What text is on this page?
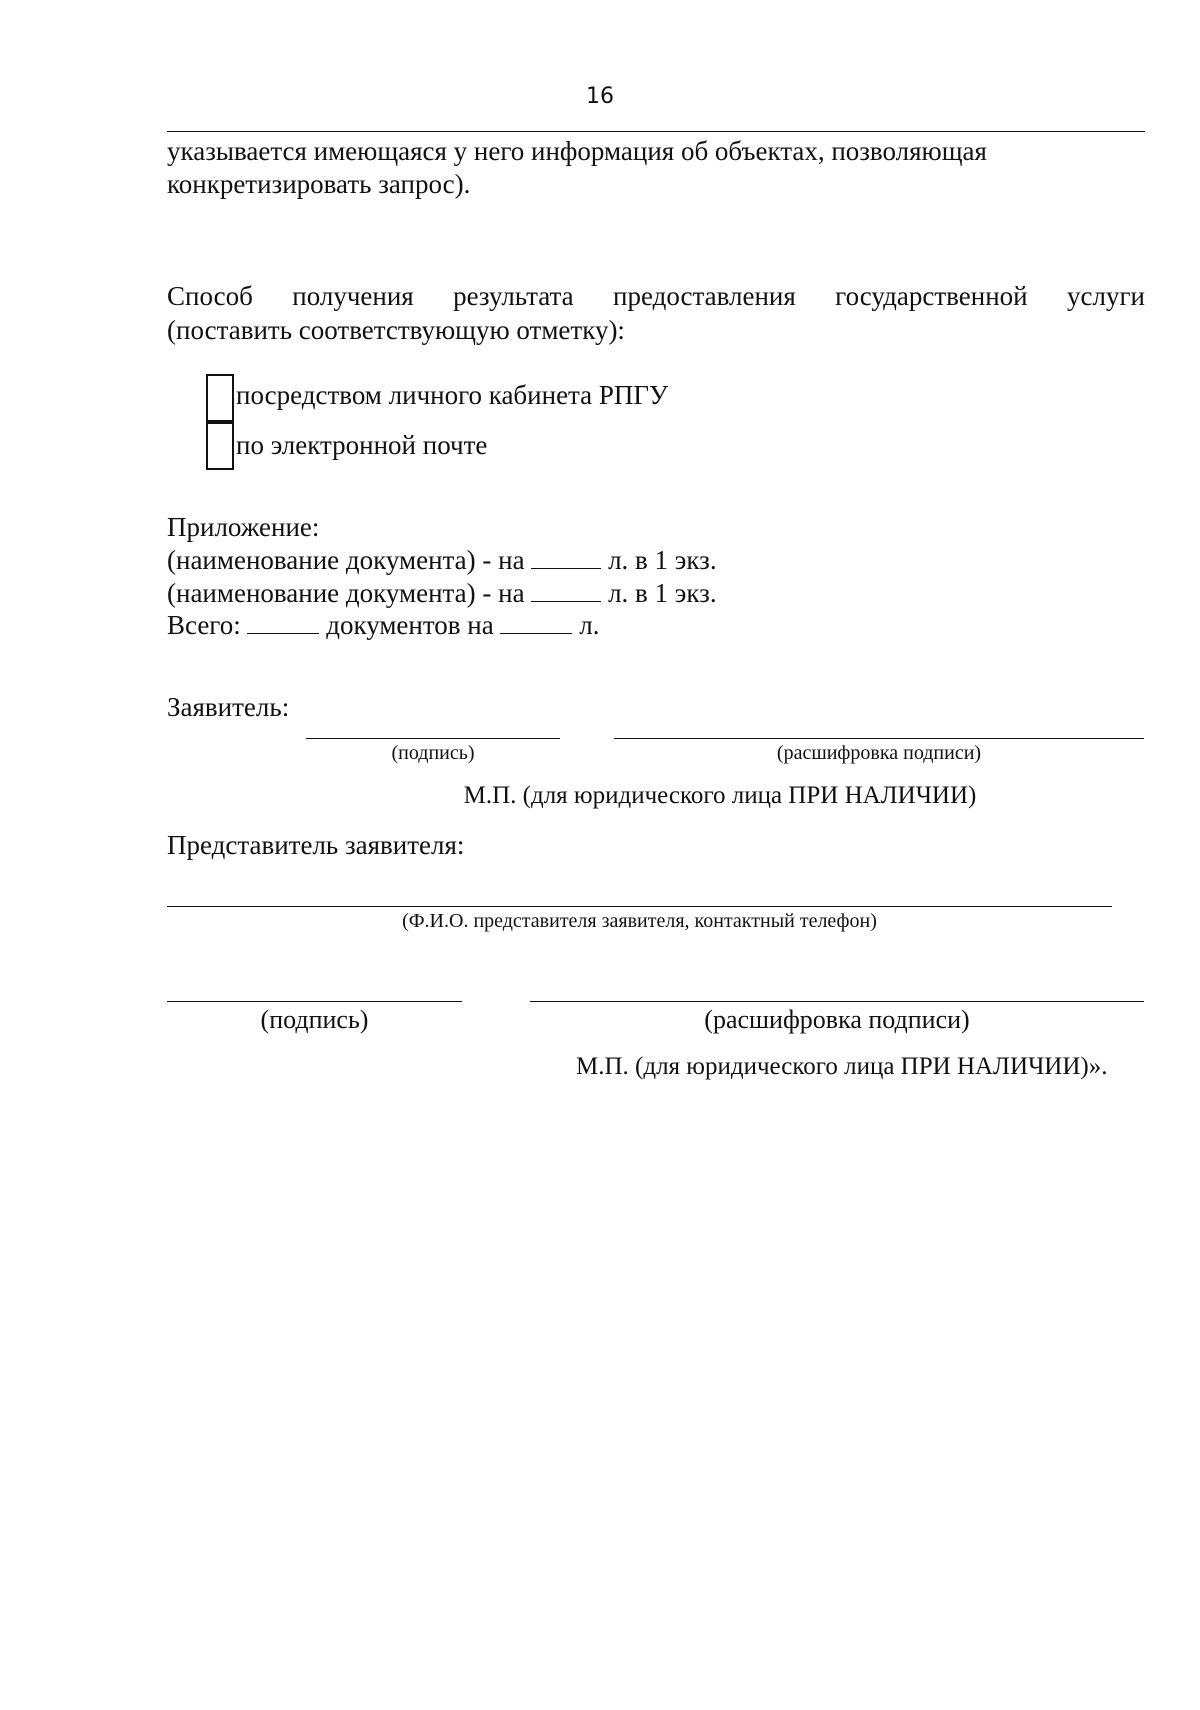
16
указывается имеющаяся у него информация об объектах, позволяющая
конкретизировать запрос).
Способ получения результата предоставления государственной услуги
(поставить соответствующую отметку):
посредством личного кабинета РПГУ
по электронной почте
Приложение:
(наименование документа) - на	л. в 1 экз.
(наименование документа) - на	л. в 1 экз.
Всего:	документов на	л.
Заявитель:
(подпись)	(расшифровка подписи)
М.П. (для юридического лица ПРИ НАЛИЧИИ)
Представитель заявителя:
(Ф.И.О. представителя заявителя, контактный телефон)
(подпись)	(расшифровка подписи)
М.П. (для юридического лица ПРИ НАЛИЧИИ)».
